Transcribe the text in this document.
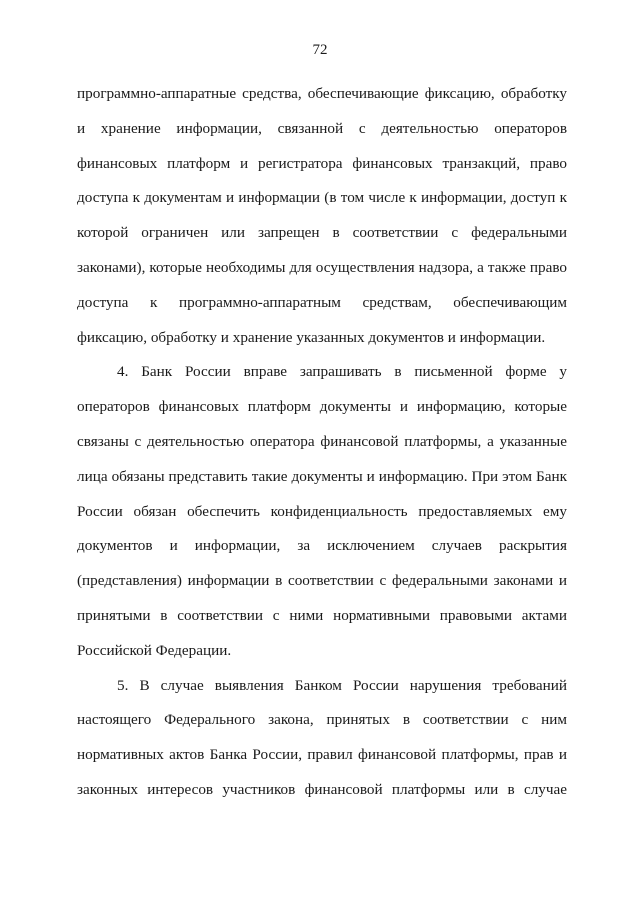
72

программно-аппаратные средства, обеспечивающие фиксацию, обработку и хранение информации, связанной с деятельностью операторов финансовых платформ и регистратора финансовых транзакций, право доступа к документам и информации (в том числе к информации, доступ к которой ограничен или запрещен в соответствии с федеральными законами), которые необходимы для осуществления надзора, а также право доступа к программно-аппаратным средствам, обеспечивающим фиксацию, обработку и хранение указанных документов и информации.

4. Банк России вправе запрашивать в письменной форме у операторов финансовых платформ документы и информацию, которые связаны с деятельностью оператора финансовой платформы, а указанные лица обязаны представить такие документы и информацию. При этом Банк России обязан обеспечить конфиденциальность предоставляемых ему документов и информации, за исключением случаев раскрытия (представления) информации в соответствии с федеральными законами и принятыми в соответствии с ними нормативными правовыми актами Российской Федерации.

5. В случае выявления Банком России нарушения требований настоящего Федерального закона, принятых в соответствии с ним нормативных актов Банка России, правил финансовой платформы, прав и законных интересов участников финансовой платформы или в случае
